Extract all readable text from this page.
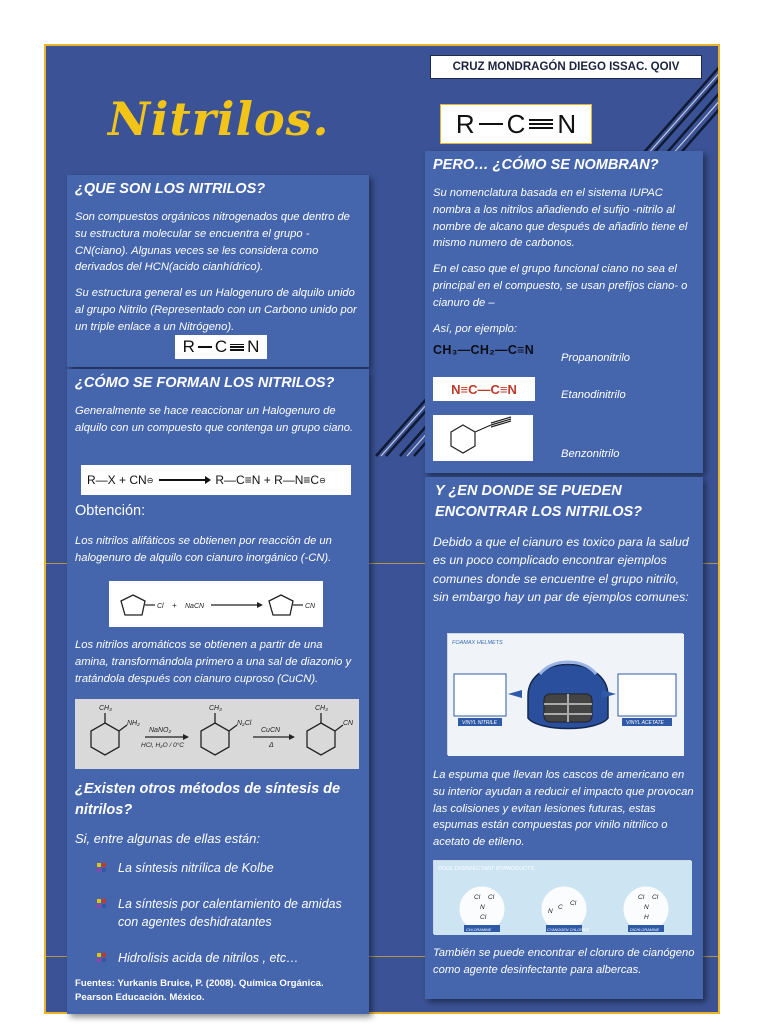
CRUZ MONDRAGÓN DIEGO ISSAC. QOIV
Nitrilos.	R C N
¿QUE SON LOS NITRILOS?

Son compuestos orgánicos nitrogenados que dentro de su estructura molecular se encuentra el grupo -CN(ciano). Algunas veces se les considera como derivados del HCN(acido cianhídrico).

Su estructura general es un Halogenuro de alquilo unido al grupo Nitrilo (Representado con un Carbono unido por un triple enlace a un Nitrógeno).

R C N
¿CÓMO SE FORMAN LOS NITRILOS?

Generalmente se hace reaccionar un Halogenuro de alquilo con un compuesto que contenga un grupo ciano.

R—X + CN ⊖	R—C≡N + R—N≡C ⊖
Obtención:

Los nitrilos alifáticos se obtienen por reacción de un halogenuro de alquilo con cianuro inorgánico (-CN).

Cl + NaCN	CN

Los nitrilos aromáticos se obtienen a partir de una amina, transformándola primero a una sal de diazonio y tratándola después con cianuro cuproso (CuCN).

CH₃
NH₂
NaNO₂
HCl, H₂O / 0°C
CH₃
N₂Cl
CuCN
Δ
CH₃
CN
¿Existen otros métodos de síntesis de nitrilos?
Si, entre algunas de ellas están:
La síntesis nitrílica de Kolbe
La síntesis por calentamiento de amidas con agentes deshidratantes
Hidrolisis acida de nitrilos , etc…
Fuentes: Yurkanis Bruice, P. (2008). Química Orgánica.
Pearson Educación. México.
PERO… ¿CÓMO SE NOMBRAN?

Su nomenclatura basada en el sistema IUPAC nombra a los nitrilos añadiendo el sufijo -nitrilo al nombre de alcano que después de añadirlo tiene el mismo numero de carbonos.

En el caso que el grupo funcional ciano no sea el principal en el compuesto, se usan prefijos ciano- o cianuro de –

Así, por ejemplo:

CH₃—CH₂—C≡N
Propanonitrilo
N≡C—C≡N	Etanodinitrilo
Benzonitrilo
Y ¿EN DONDE SE PUEDEN ENCONTRAR LOS NITRILOS?

Debido a que el cianuro es toxico para la salud es un poco complicado encontrar ejemplos comunes donde se encuentre el grupo nitrilo, sin embargo hay un par de ejemplos comunes:

FOAMAX HELMETS
VINYL NITRILE	VINYL ACETATE

La espuma que llevan los cascos de americano en su interior ayudan a reducir el impacto que provocan las colisiones y evitan lesiones futuras, estas espumas están compuestas por vinilo nitrilico o acetato de etileno.

POOL DISINFECTANT BYPRODUCTS
Cl Cl
N
Cl
N
C
Cl
Cl Cl
N
H
CHLORAMINE	CYANOGEN CHLORIDE	DICHLORAMINE

También se puede encontrar el cloruro de cianógeno como agente desinfectante para albercas.
